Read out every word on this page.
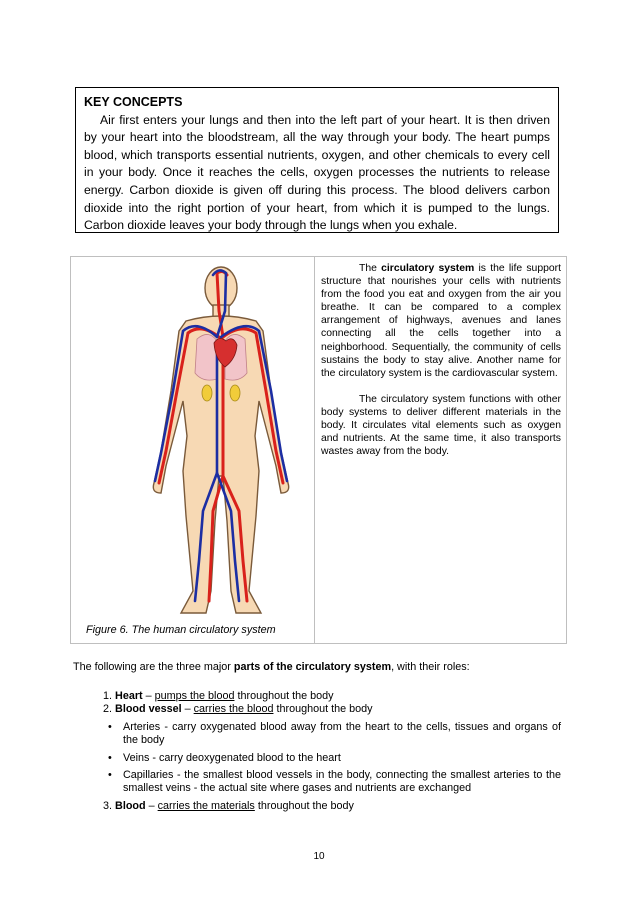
KEY CONCEPTS

Air first enters your lungs and then into the left part of your heart. It is then driven by your heart into the bloodstream, all the way through your body. The heart pumps blood, which transports essential nutrients, oxygen, and other chemicals to every cell in your body. Once it reaches the cells, oxygen processes the nutrients to release energy. Carbon dioxide is given off during this process. The blood delivers carbon dioxide into the right portion of your heart, from which it is pumped to the lungs. Carbon dioxide leaves your body through the lungs when you exhale.

Figure 6. The human circulatory system

The circulatory system is the life support structure that nourishes your cells with nutrients from the food you eat and oxygen from the air you breathe. It can be compared to a complex arrangement of highways, avenues and lanes connecting all the cells together into a neighborhood. Sequentially, the community of cells sustains the body to stay alive. Another name for the circulatory system is the cardiovascular system.

The circulatory system functions with other body systems to deliver different materials in the body. It circulates vital elements such as oxygen and nutrients. At the same time, it also transports wastes away from the body.

The following are the three major parts of the circulatory system, with their roles:
1. Heart – pumps the blood throughout the body
2. Blood vessel – carries the blood throughout the body
• Arteries - carry oxygenated blood away from the heart to the cells, tissues and organs of the body
• Veins - carry deoxygenated blood to the heart
• Capillaries - the smallest blood vessels in the body, connecting the smallest arteries to the smallest veins - the actual site where gases and nutrients are exchanged
3. Blood – carries the materials throughout the body
10
